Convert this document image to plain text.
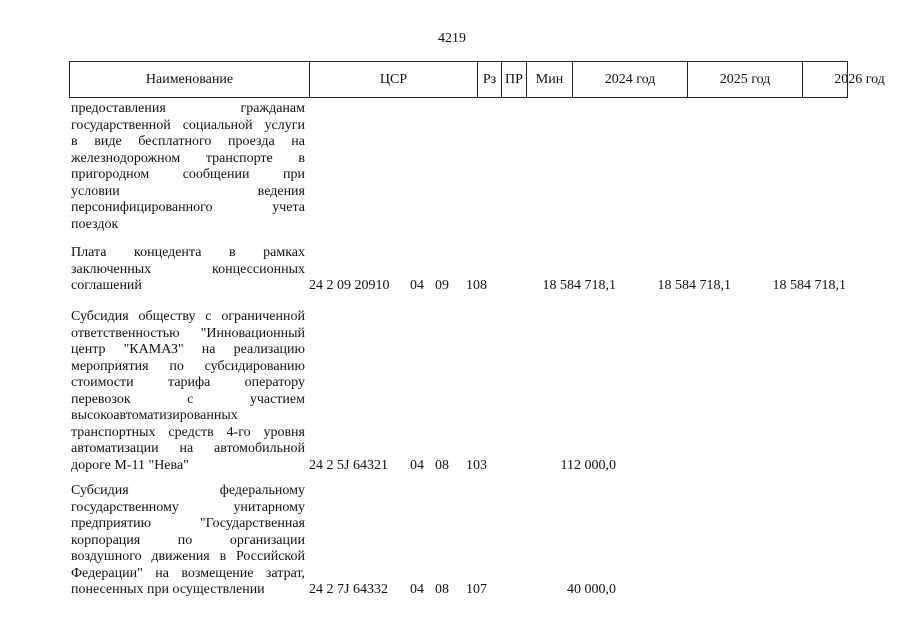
4219
Наименование	ЦСР	Рз ПР Мин	2024 год	2025 год	2026 год
предоставления гражданам
государственной социальной услуги
в виде бесплатного проезда на
железнодорожном транспорте в
пригородном сообщении при
условии ведения
персонифицированного учета
поездок
Плата концедента в рамках
заключенных концессионных
соглашений	24 2 09 20910	04 09	108	18 584 718,1	18 584 718,1	18 584 718,1
Субсидия обществу с ограниченной
ответственностью "Инновационный
центр "КАМАЗ" на реализацию
мероприятия по субсидированию
стоимости тарифа оператору
перевозок с участием
высокоавтоматизированных
транспортных средств 4-го уровня
автоматизации на автомобильной
дороге М-11 "Нева"	24 2 5J 64321	04 08	103	112 000,0
Субсидия федеральному
государственному унитарному
предприятию "Государственная
корпорация по организации
воздушного движения в Российской
Федерации" на возмещение затрат,
понесенных при осуществлении	24 2 7J 64332	04 08	107	40 000,0
